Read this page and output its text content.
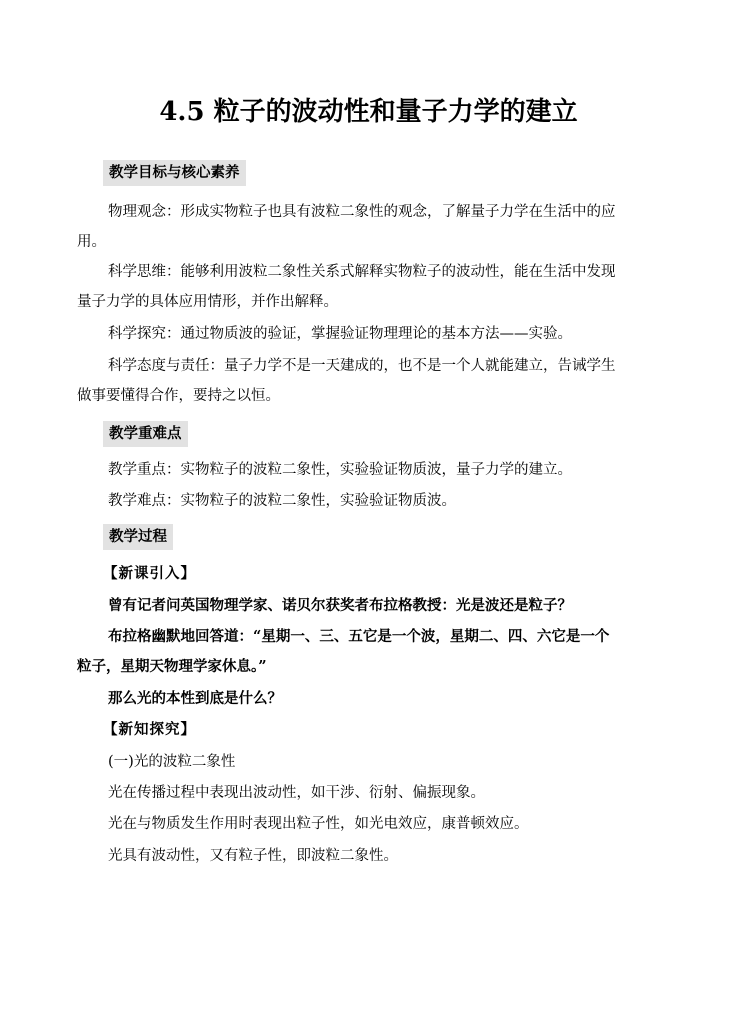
4.5 粒子的波动性和量子力学的建立
教学目标与核心素养
物理观念：形成实物粒子也具有波粒二象性的观念，了解量子力学在生活中的应
用。
科学思维：能够利用波粒二象性关系式解释实物粒子的波动性，能在生活中发现
量子力学的具体应用情形，并作出解释。
科学探究：通过物质波的验证，掌握验证物理理论的基本方法——实验。
科学态度与责任：量子力学不是一天建成的，也不是一个人就能建立，告诫学生
做事要懂得合作，要持之以恒。
教学重难点
教学重点：实物粒子的波粒二象性，实验验证物质波，量子力学的建立。
教学难点：实物粒子的波粒二象性，实验验证物质波。
教学过程
【新课引入】
曾有记者问英国物理学家、诺贝尔获奖者布拉格教授：光是波还是粒子？
布拉格幽默地回答道：“星期一、三、五它是一个波，星期二、四、六它是一个
粒子，星期天物理学家休息。”
那么光的本性到底是什么？
【新知探究】
(一)光的波粒二象性
光在传播过程中表现出波动性，如干涉、衍射、偏振现象。
光在与物质发生作用时表现出粒子性，如光电效应，康普顿效应。
光具有波动性，又有粒子性，即波粒二象性。
